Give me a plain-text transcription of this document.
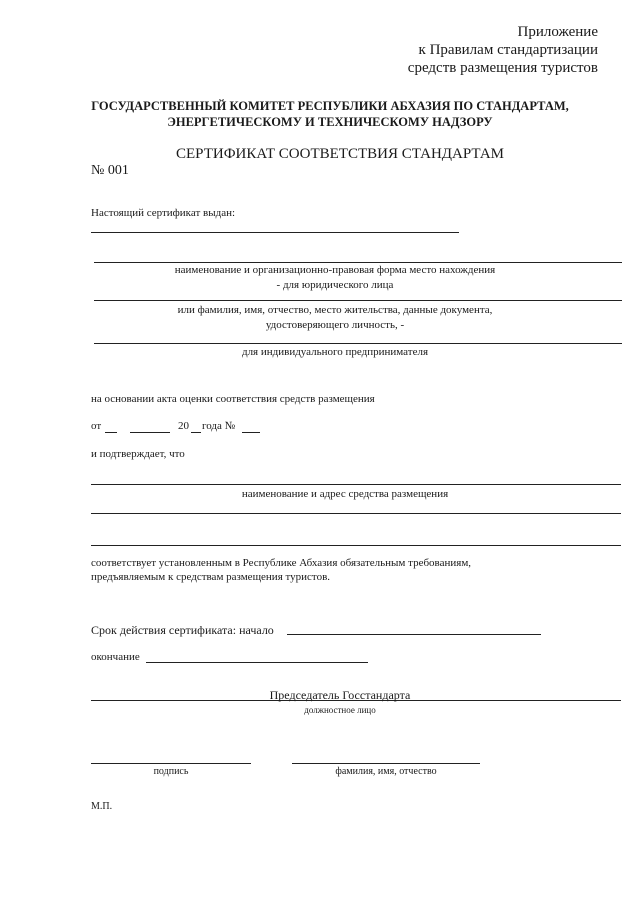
Приложение
к Правилам стандартизации
средств размещения туристов
ГОСУДАРСТВЕННЫЙ КОМИТЕТ РЕСПУБЛИКИ АБХАЗИЯ ПО СТАНДАРТАМ,
ЭНЕРГЕТИЧЕСКОМУ И ТЕХНИЧЕСКОМУ НАДЗОРУ
СЕРТИФИКАТ СООТВЕТСТВИЯ СТАНДАРТАМ
№ 001
Настоящий сертификат выдан:
наименование и организационно-правовая форма место нахождения
- для юридического лица
или фамилия, имя, отчество, место жительства, данные документа,
удостоверяющего личность, -
для индивидуального предпринимателя
на основании акта оценки соответствия средств размещения
от	20 года №
и подтверждает, что
наименование и адрес средства размещения
соответствует установленным в Республике Абхазия обязательным требованиям,
предъявляемым к средствам размещения туристов.
Срок действия сертификата: начало
окончание
Председатель Госстандарта
должностное лицо
подпись	фамилия, имя, отчество
М.П.
